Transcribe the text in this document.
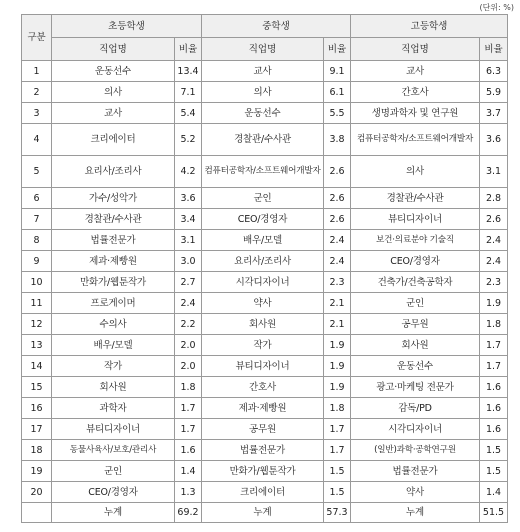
(단위: %)
구분	초등학생		중학생		고등학생	
	직업명	비율	직업명	비율	직업명	비율
1	운동선수	13.4	교사	9.1	교사	6.3
2	의사	7.1	의사	6.1	간호사	5.9
3	교사	5.4	운동선수	5.5	생명과학자 및 연구원	3.7
4	크리에이터	5.2	경찰관/수사관	3.8	컴퓨터공학자/소프트웨어개발자	3.6
5	요리사/조리사	4.2	컴퓨터공학자/소프트웨어개발자	2.6	의사	3.1
6	가수/성악가	3.6	군인	2.6	경찰관/수사관	2.8
7	경찰관/수사관	3.4	CEO/경영자	2.6	뷰티디자이너	2.6
8	법률전문가	3.1	배우/모델	2.4	보건·의료분야 기술직	2.4
9	제과·제빵원	3.0	요리사/조리사	2.4	CEO/경영자	2.4
10	만화가/웹툰작가	2.7	시각디자이너	2.3	건축가/건축공학자	2.3
11	프로게이머	2.4	약사	2.1	군인	1.9
12	수의사	2.2	회사원	2.1	공무원	1.8
13	배우/모델	2.0	작가	1.9	회사원	1.7
14	작가	2.0	뷰티디자이너	1.9	운동선수	1.7
15	회사원	1.8	간호사	1.9	광고·마케팅 전문가	1.6
16	과학자	1.7	제과·제빵원	1.8	감독/PD	1.6
17	뷰티디자이너	1.7	공무원	1.7	시각디자이너	1.6
18	동물사육사/보호/관리사	1.6	법률전문가	1.7	(일반)과학·공학연구원	1.5
19	군인	1.4	만화가/웹툰작가	1.5	법률전문가	1.5
20	CEO/경영자	1.3	크리에이터	1.5	약사	1.4
	누계	69.2	누계	57.3	누계	51.5
